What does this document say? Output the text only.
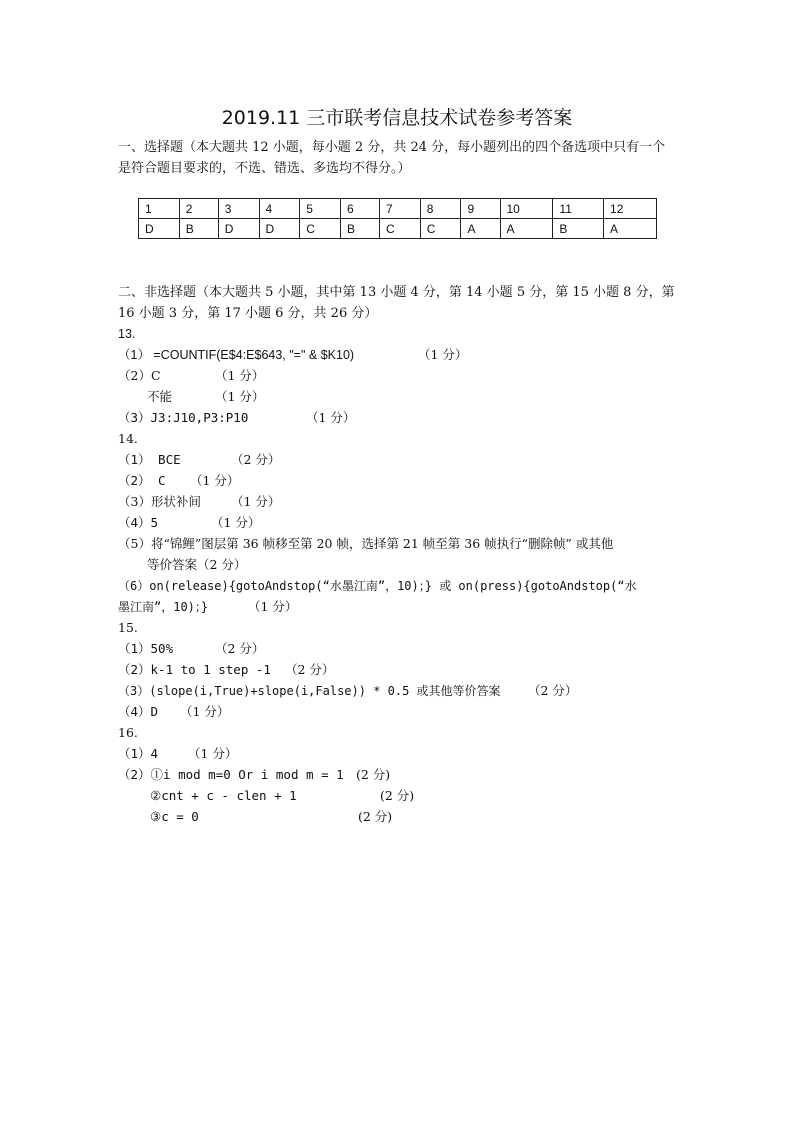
2019.11 三市联考信息技术试卷参考答案
一、选择题（本大题共 12 小题，每小题 2 分，共 24 分，每小题列出的四个备选项中只有一个是符合题目要求的，不选、错选、多选均不得分。）
1	2	3	4	5	6	7	8	9	10	11	12
D	B	D	D	C	B	C	C	A	A	B	A
二、非选择题（本大题共 5 小题，其中第 13 小题 4 分，第 14 小题 5 分，第 15 小题 8 分，第 16 小题 3 分，第 17 小题 6 分，共 26 分）
13.
（1） =COUNTIF(E$4:E$643, "=" & $K10)	（1 分）
（2）C	（1 分）
不能	（1 分）
（3）J3:J10,P3:P10	（1 分）
14.
（1） BCE	（2 分）
（2） C （1 分）
（3）形状补间 （1 分）
（4）5	（1 分）
（5）将“锦鲤”图层第 36 帧移至第 20 帧，选择第 21 帧至第 36 帧执行“删除帧” 或其他
等价答案（2 分）
（6）on(release){gotoAndstop(“水墨江南”，10)；} 或 on(press){gotoAndstop(“水
墨江南”，10)；}	（1 分）
15.
（1）50%	（2 分）
（2）k-1 to 1 step -1 （2 分）
（3）(slope(i,True)+slope(i,False)) * 0.5 或其他等价答案 （2 分）
（4）D （1 分）
16.
（1）4 （1 分）
（2）①i mod m=0 Or i mod m = 1 (2 分)
②cnt + c - clen + 1	(2 分)
③c = 0	(2 分)
